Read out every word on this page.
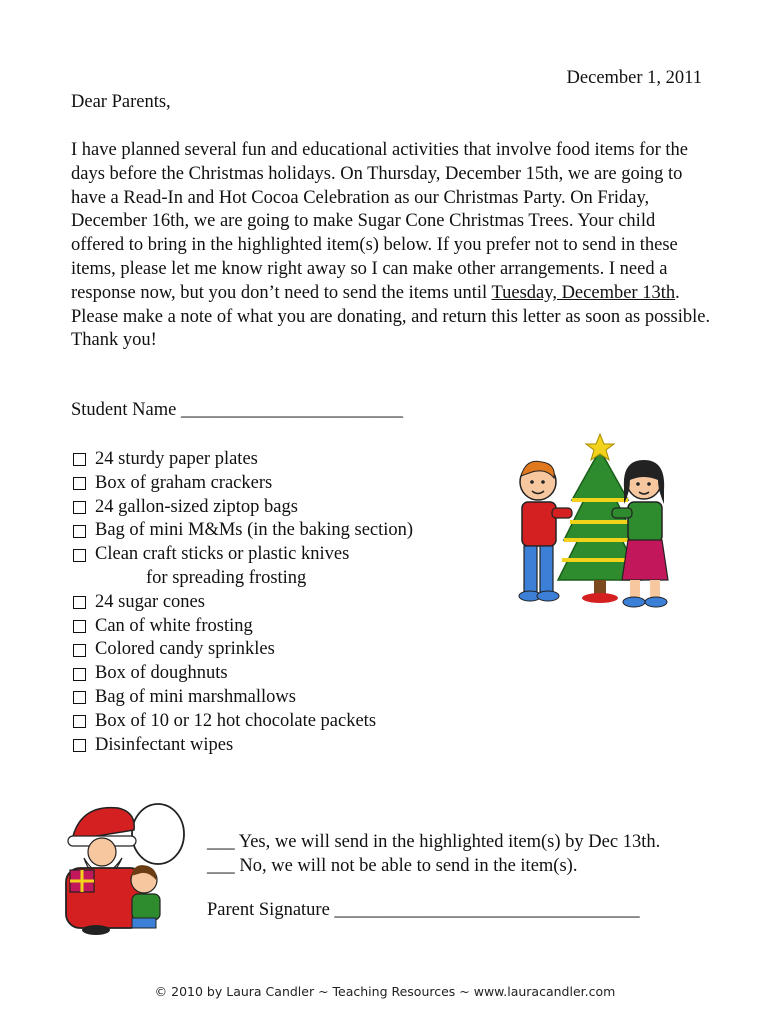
December 1, 2011
Dear Parents,
I have planned several fun and educational activities that involve food items for the days before the Christmas holidays. On Thursday, December 15th, we are going to have a Read-In and Hot Cocoa Celebration as our Christmas Party. On Friday, December 16th, we are going to make Sugar Cone Christmas Trees. Your child offered to bring in the highlighted item(s) below. If you prefer not to send in these items, please let me know right away so I can make other arrangements. I need a response now, but you don’t need to send the items until Tuesday, December 13th. Please make a note of what you are donating, and return this letter as soon as possible. Thank you!
Student Name ________________________
24 sturdy paper plates
Box of graham crackers
24 gallon-sized ziptop bags
Bag of mini M&Ms (in the baking section)
Clean craft sticks or plastic knives
for spreading frosting
24 sugar cones
Can of white frosting
Colored candy sprinkles
Box of doughnuts
Bag of mini marshmallows
Box of 10 or 12 hot chocolate packets
Disinfectant wipes
___ Yes, we will send in the highlighted item(s) by Dec 13th.
___ No, we will not be able to send in the item(s).
Parent Signature _________________________________
© 2010 by Laura Candler ~ Teaching Resources ~ www.lauracandler.com
